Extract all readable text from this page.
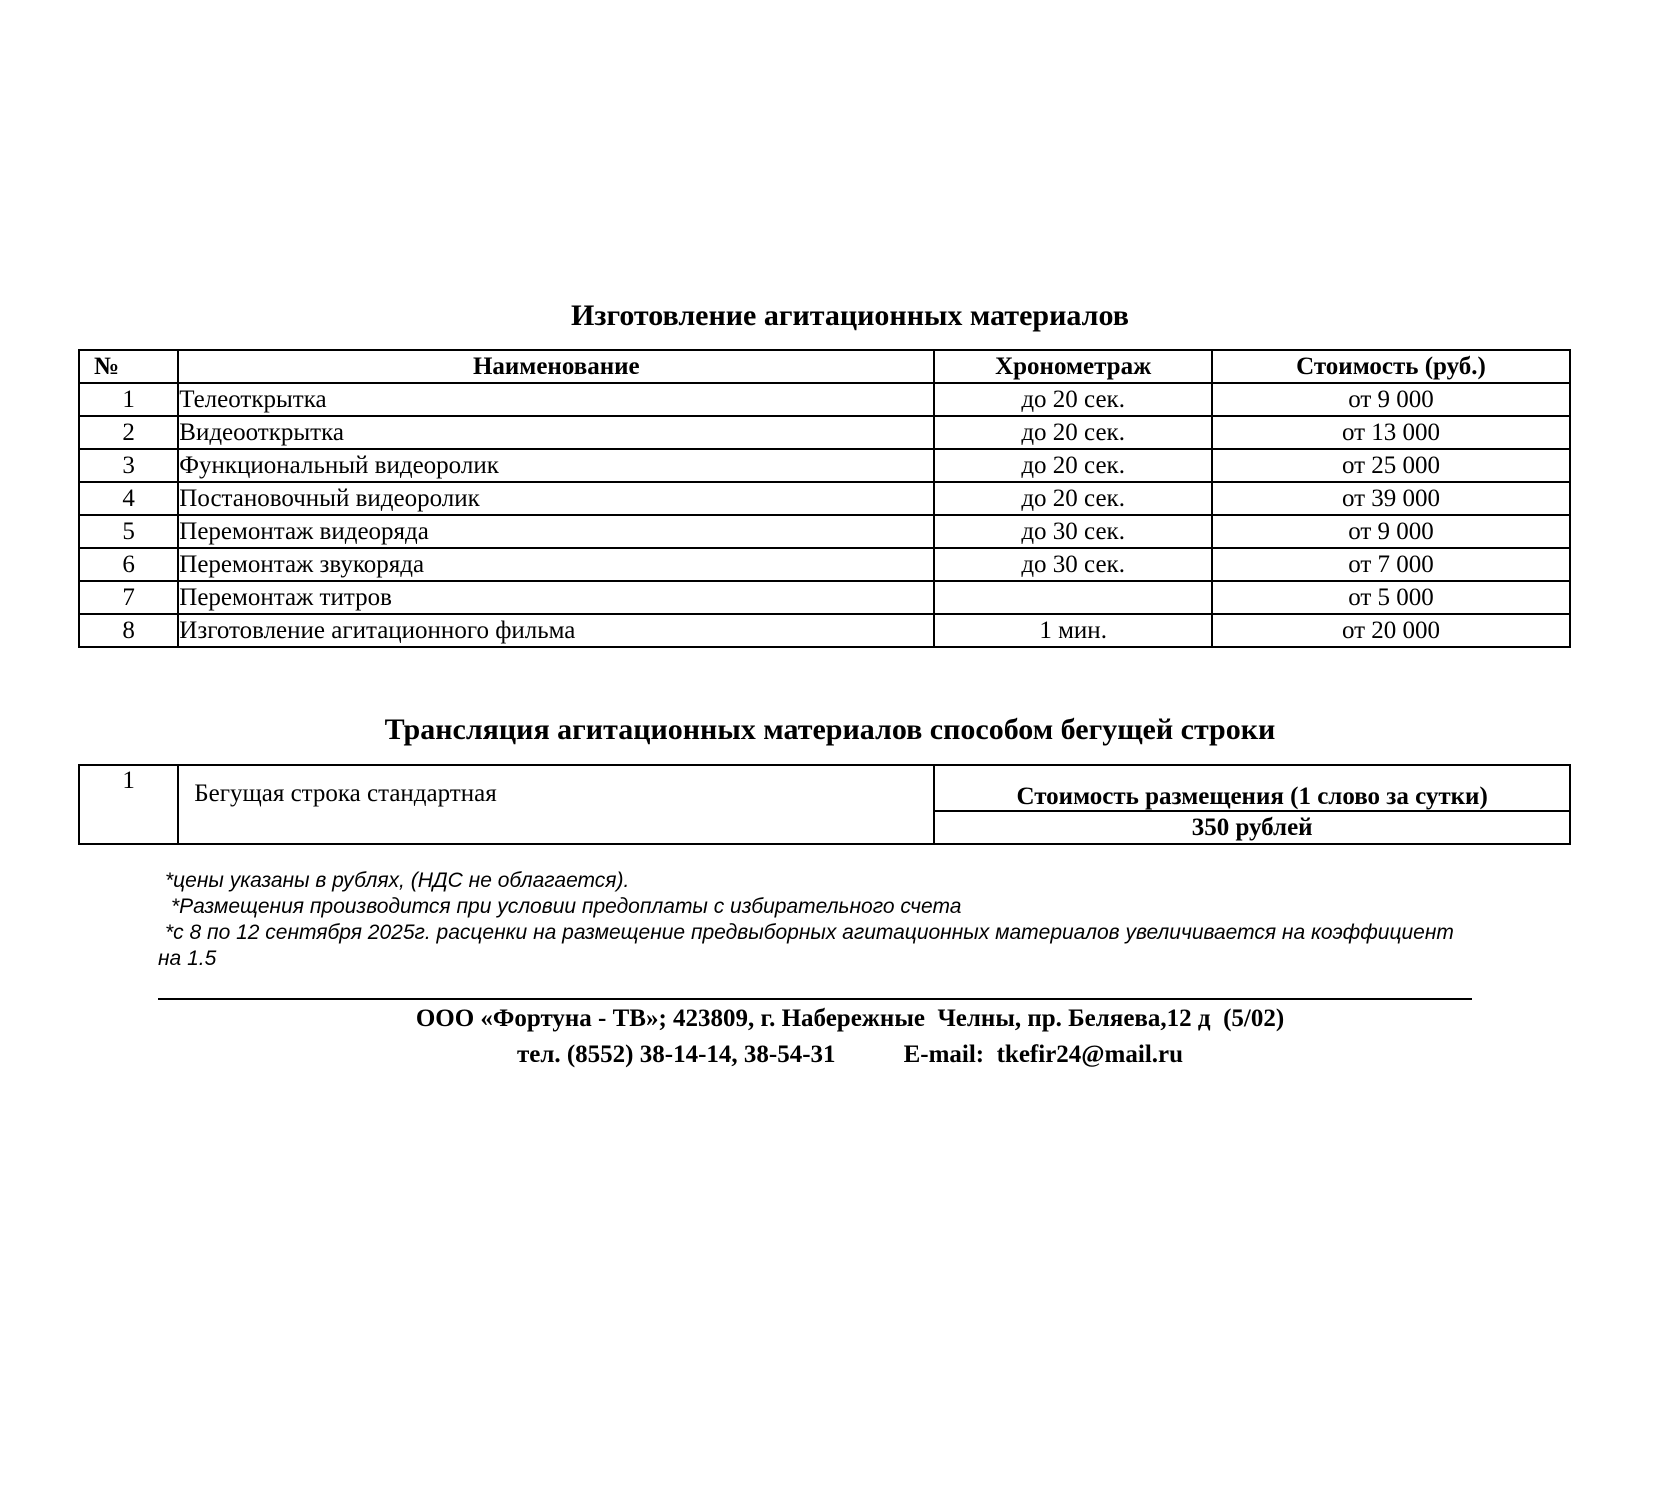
Изготовление агитационных материалов
№	Наименование	Хронометраж	Стоимость (руб.)
1	Телеоткрытка	до 20 сек.	от 9 000
2	Видеооткрытка	до 20 сек.	от 13 000
3	Функциональный видеоролик	до 20 сек.	от 25 000
4	Постановочный видеоролик	до 20 сек.	от 39 000
5	Перемонтаж видеоряда	до 30 сек.	от 9 000
6	Перемонтаж звукоряда	до 30 сек.	от 7 000
7	Перемонтаж титров		от 5 000
8	Изготовление агитационного фильма	1 мин.	от 20 000
Трансляция агитационных материалов способом бегущей строки
1	Бегущая строка стандартная	Стоимость размещения (1 слово за сутки)
350 рублей
*цены указаны в рублях, (НДС не облагается).
*Размещения производится при условии предоплаты с избирательного счета
*с 8 по 12 сентября 2025г. расценки на размещение предвыборных агитационных материалов увеличивается на коэффициент
на 1.5
ООО «Фортуна - ТВ»; 423809, г. Набережные  Челны, пр. Беляева,12 д  (5/02)
тел. (8552) 38-14-14, 38-54-31	E-mail:  tkefir24@mail.ru
